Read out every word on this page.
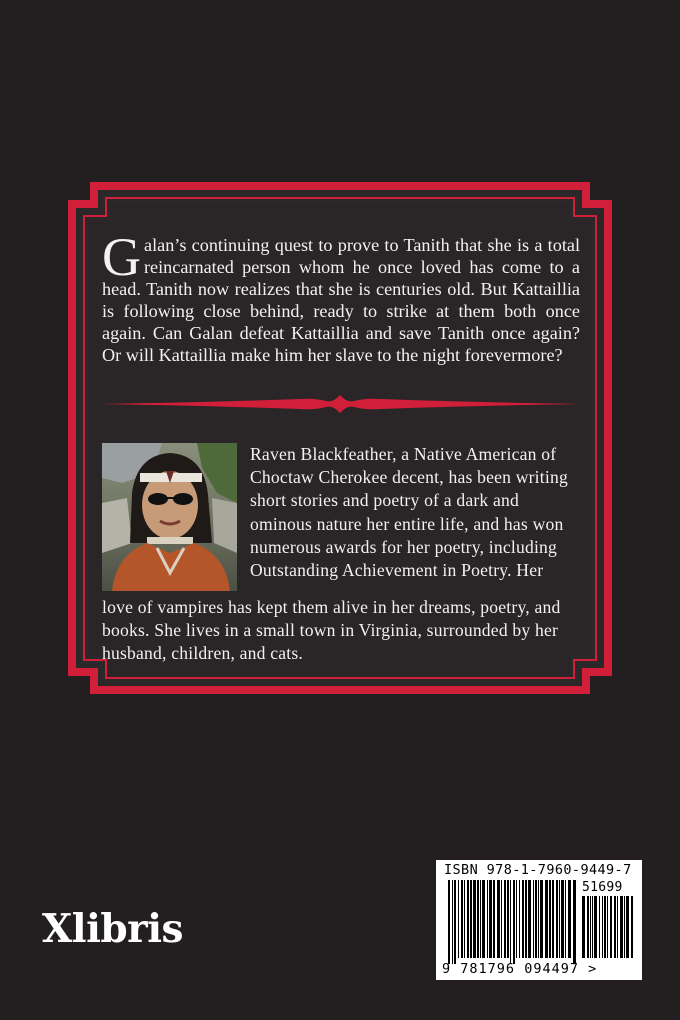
Galan’s continuing quest to prove to Tanith that she is a total reincarnated person whom he once loved has come to a head. Tanith now realizes that she is centuries old. But Kattaillia is following close behind, ready to strike at them both once again. Can Galan defeat Kattaillia and save Tanith once again? Or will Kattaillia make him her slave to the night forevermore?

Raven Blackfeather, a Native American of Choctaw Cherokee decent, has been writing short stories and poetry of a dark and ominous nature her entire life, and has won numerous awards for her poetry, including Outstanding Achievement in Poetry. Her

love of vampires has kept them alive in her dreams, poetry, and books. She lives in a small town in Virginia, surrounded by her husband, children, and cats.

Xlibris
ISBN 978-1-7960-9449-7
51699
9 781796 094497 >
